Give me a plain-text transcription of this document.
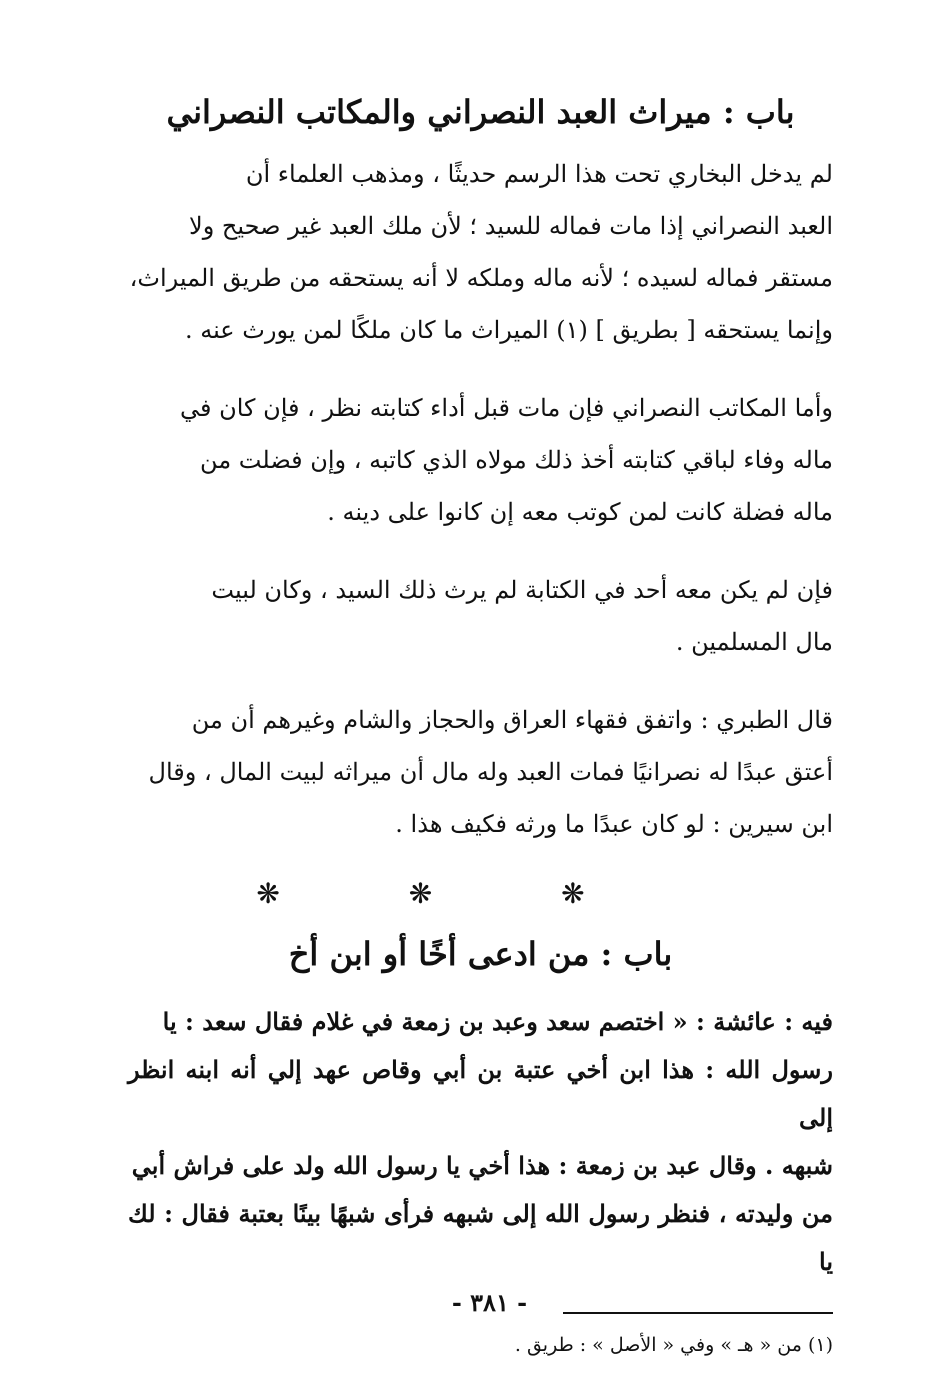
باب : ميراث العبد النصراني والمكاتب النصراني

لم يدخل البخاري تحت هذا الرسم حديثًا ، ومذهب العلماء أن
العبد النصراني إذا مات فماله للسيد ؛ لأن ملك العبد غير صحيح ولا
مستقر فماله لسيده ؛ لأنه ماله وملكه لا أنه يستحقه من طريق الميراث،
وإنما يستحقه [ بطريق ] (١) الميراث ما كان ملكًا لمن يورث عنه .

وأما المكاتب النصراني فإن مات قبل أداء كتابته نظر ، فإن كان في
ماله وفاء لباقي كتابته أخذ ذلك مولاه الذي كاتبه ، وإن فضلت من
ماله فضلة كانت لمن كوتب معه إن كانوا على دينه .

فإن لم يكن معه أحد في الكتابة لم يرث ذلك السيد ، وكان لبيت
مال المسلمين .

قال الطبري : واتفق فقهاء العراق والحجاز والشام وغيرهم أن من
أعتق عبدًا له نصرانيًا فمات العبد وله مال أن ميراثه لبيت المال ، وقال
ابن سيرين : لو كان عبدًا ما ورثه فكيف هذا .

❋ ❋ ❋
باب : من ادعى أخًا أو ابن أخ

فيه : عائشة : « اختصم سعد وعبد بن زمعة في غلام فقال سعد : يا
رسول الله : هذا ابن أخي عتبة بن أبي وقاص عهد إلي أنه ابنه انظر إلى
شبهه . وقال عبد بن زمعة : هذا أخي يا رسول الله ولد على فراش أبي
من وليدته ، فنظر رسول الله إلى شبهه فرأى شبهًا بينًا بعتبة فقال : لك يا

(١) من « هـ » وفي « الأصل » : طريق .

- ٣٨١ -
